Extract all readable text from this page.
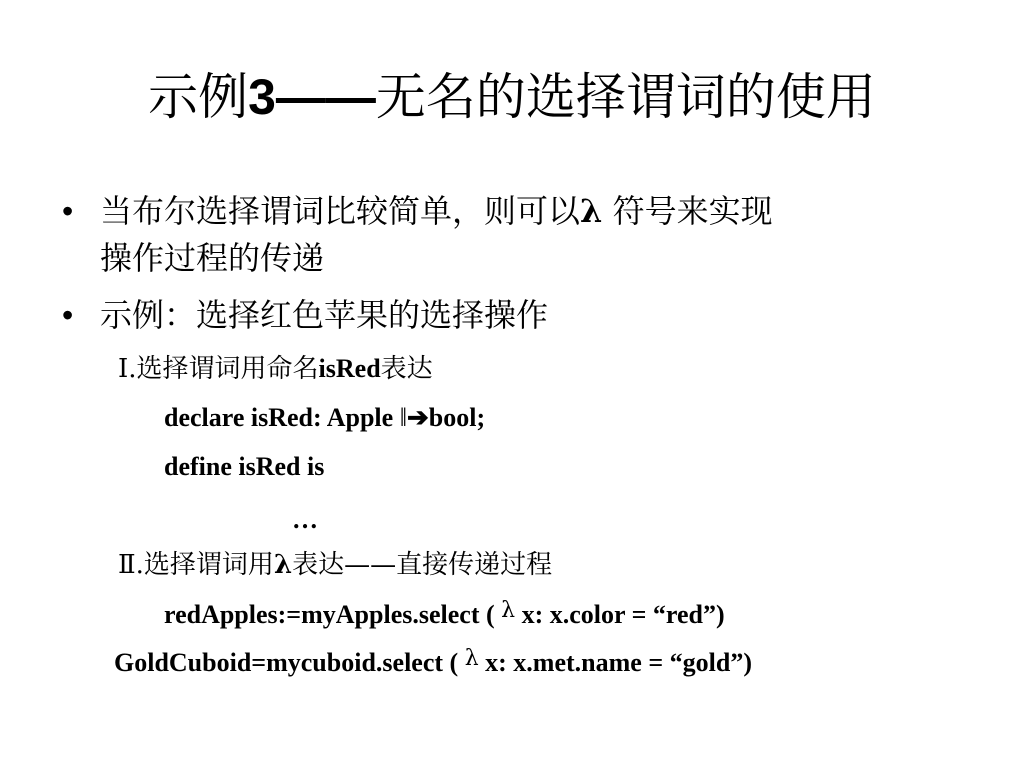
示例3——无名的选择谓词的使用
• 当布尔选择谓词比较简单，则可以λ 符号来实现
操作过程的传递
• 示例：选择红色苹果的选择操作
Ⅰ.选择谓词用命名isRed表达
declare isRed: Apple ‖➔bool;
define isRed is
…
Ⅱ.选择谓词用λ表达——直接传递过程
redApples:=myApples.select ( $^\lambda$ x: x.color = “red”)
GoldCuboid=mycuboid.select ( $^\lambda$ x: x.met.name = “gold”)
